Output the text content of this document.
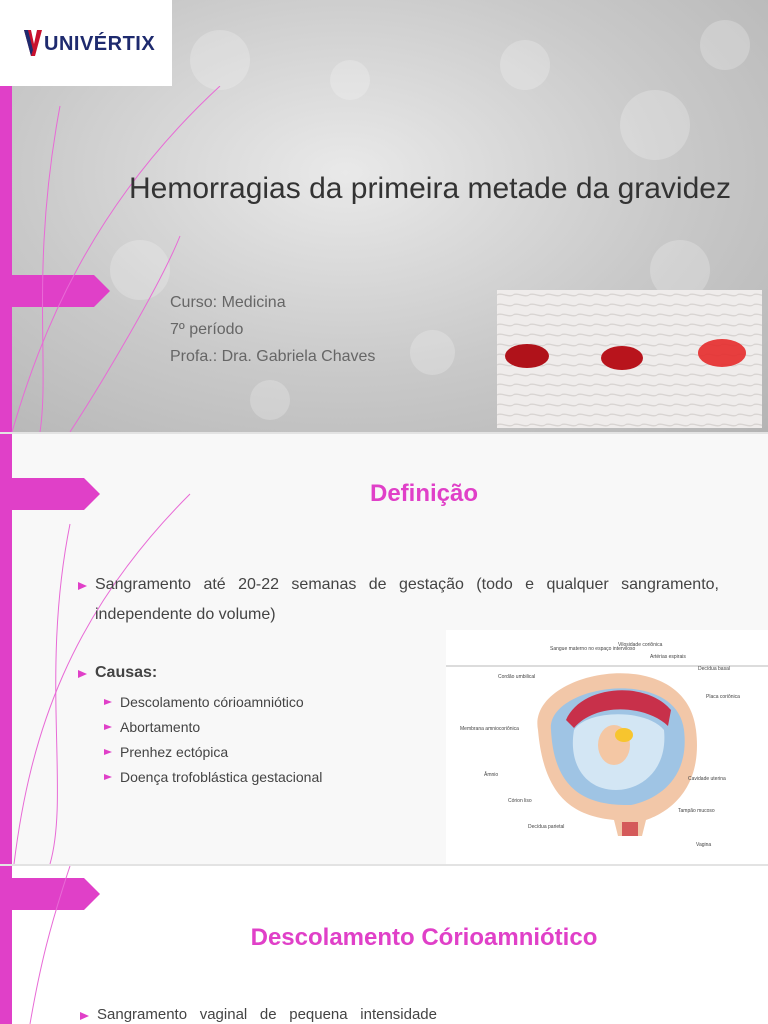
UNIVÉRTIX
Hemorragias da primeira metade da gravidez
Curso: Medicina
7º período
Profa.: Dra. Gabriela Chaves
Definição
Sangramento até 20-22 semanas de gestação (todo e qualquer sangramento,
independente do volume)
Causas:
Descolamento córioamniótico
Abortamento
Prenhez ectópica
Doença trofoblástica gestacional
Sangue materno no espaço interviloso
Vilosidade coriônica
Artérias espirais
Cordão umbilical
Decídua basal
Placa coriônica
Membrana amniocoriônica
Âmnio
Cavidade uterina
Córion liso
Tampão mucoso
Decídua parietal
Vagina
Descolamento Córioamniótico
Sangramento vaginal de pequena intensidade
